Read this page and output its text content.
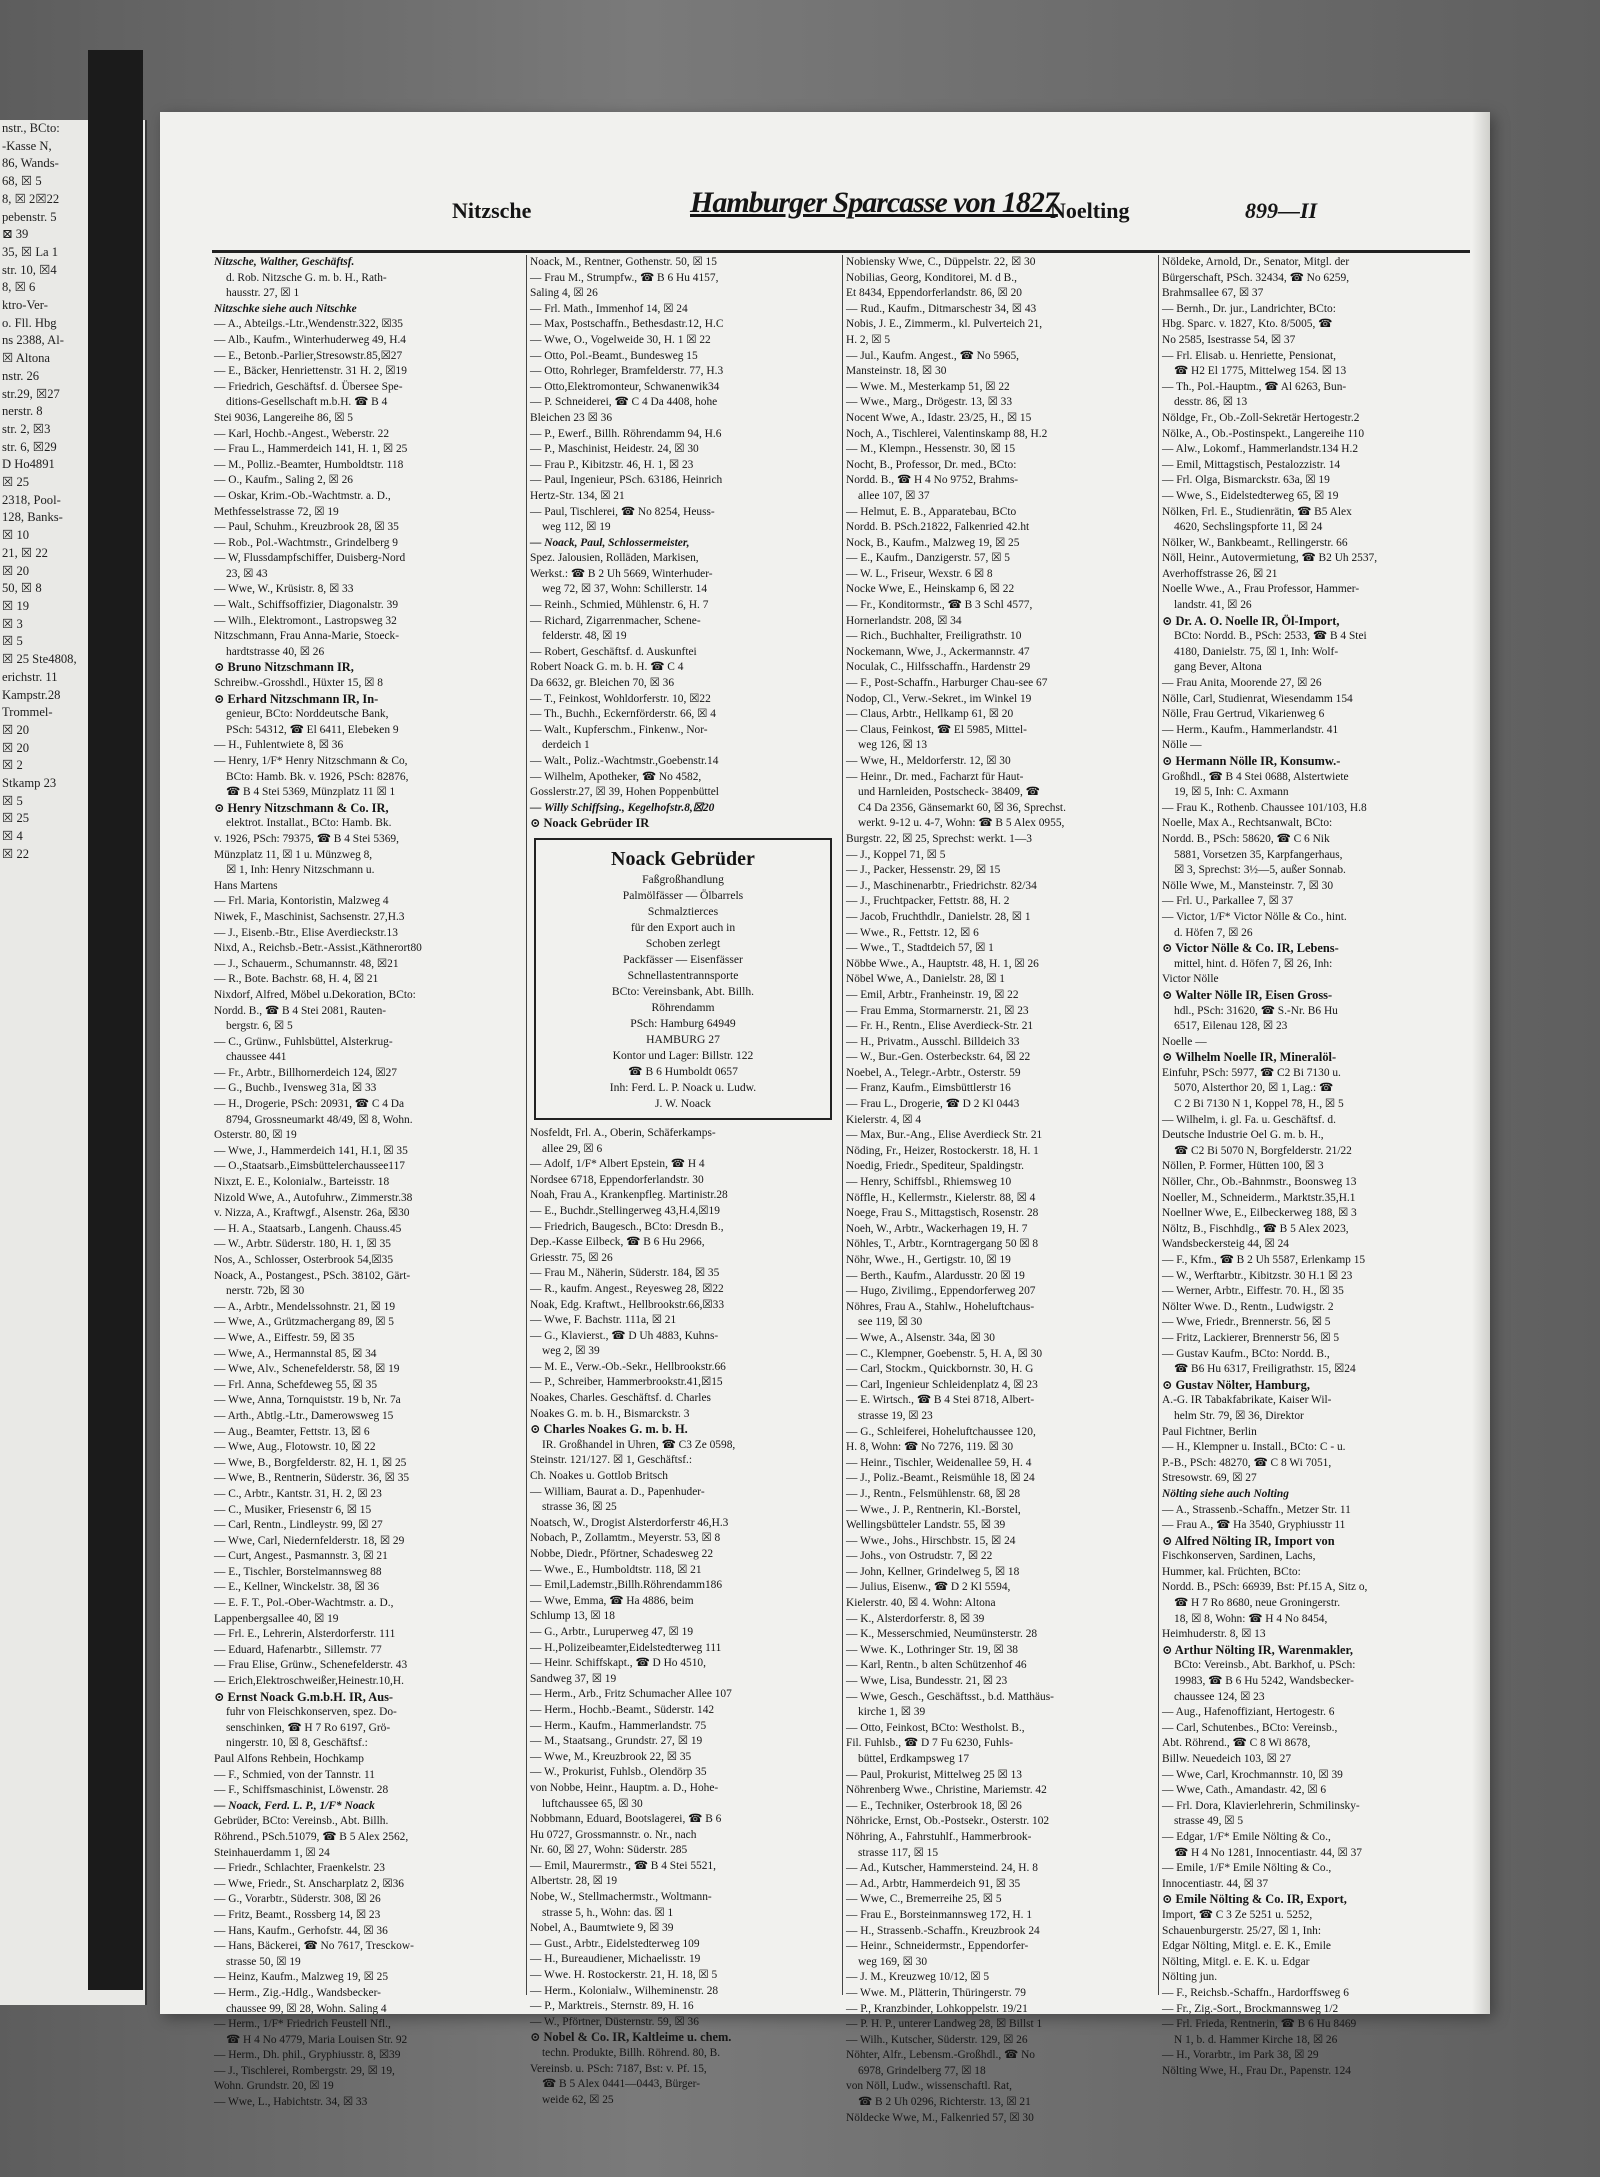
nstr., BCto:
-Kasse N,
86, Wands-
68, ☒ 5
8, ☒ 2☒22
pebenstr. 5
⊠ 39
35, ☒ La 1
str. 10, ☒4
8, ☒ 6
ktro-Ver-
o. Fll. Hbg
ns 2388, Al-
☒ Altona
nstr. 26
str.29, ☒27
nerstr. 8
str. 2, ☒3
str. 6, ☒29
D Ho4891
☒ 25
2318, Pool-
128, Banks-
☒ 10
21, ☒ 22
☒ 20
50, ☒ 8
☒ 19
☒ 3
☒ 5
☒ 25 Ste4808,
erichstr. 11
Kampstr.28
Trommel-
☒ 20
☒ 20
☒ 2
Stkamp 23
☒ 5
☒ 25
☒ 4
☒ 22
Nitzsche	Hamburger Sparcasse von 1827
Noelting	899—II
Nitzsche, Walther, Geschäftsf.
d. Rob. Nitzsche G. m. b. H., Rath-
hausstr. 27, ☒ 1
Nitzschke siehe auch Nitschke
— A., Abteilgs.-Ltr.,Wendenstr.322, ☒35
— Alb., Kaufm., Winterhuderweg 49, H.4
— E., Betonb.-Parlier,Stresowstr.85,☒27
— E., Bäcker, Henriettenstr. 31 H. 2, ☒19
— Friedrich, Geschäftsf. d. Übersee Spe-
ditions-Gesellschaft m.b.H. ☎ B 4
Stei 9036, Langereihe 86, ☒ 5
— Karl, Hochb.-Angest., Weberstr. 22
— Frau L., Hammerdeich 141, H. 1, ☒ 25
— M., Polliz.-Beamter, Humboldtstr. 118
— O., Kaufm., Saling 2, ☒ 26
— Oskar, Krim.-Ob.-Wachtmstr. a. D.,
Methfesselstrasse 72, ☒ 19
— Paul, Schuhm., Kreuzbrook 28, ☒ 35
— Rob., Pol.-Wachtmstr., Grindelberg 9
— W, Flussdampfschiffer, Duisberg-Nord
23, ☒ 43
— Wwe, W., Krüsistr. 8, ☒ 33
— Walt., Schiffsoffizier, Diagonalstr. 39
— Wilh., Elektromont., Lastropsweg 32
Nitzschmann, Frau Anna-Marie, Stoeck-
hardtstrasse 40, ☒ 26
⊙ Bruno Nitzschmann IR,
Schreibw.-Grosshdl., Hüxter 15, ☒ 8
⊙ Erhard Nitzschmann IR, In-
genieur, BCto: Norddeutsche Bank,
PSch: 54312, ☎ El 6411, Elebeken 9
— H., Fuhlentwiete 8, ☒ 36
— Henry, 1/F* Henry Nitzschmann & Co,
BCto: Hamb. Bk. v. 1926, PSch: 82876,
☎ B 4 Stei 5369, Münzplatz 11 ☒ 1
⊙ Henry Nitzschmann & Co. IR,
elektrot. Installat., BCto: Hamb. Bk.
v. 1926, PSch: 79375, ☎ B 4 Stei 5369,
Münzplatz 11, ☒ 1 u. Münzweg 8,
☒ 1, Inh: Henry Nitzschmann u.
Hans Martens
— Frl. Maria, Kontoristin, Malzweg 4
Niwek, F., Maschinist, Sachsenstr. 27,H.3
— J., Eisenb.-Btr., Elise Averdieckstr.13
Nixd, A., Reichsb.-Betr.-Assist.,Käthnerort80
— J., Schauerm., Schumannstr. 48, ☒21
— R., Bote. Bachstr. 68, H. 4, ☒ 21
Nixdorf, Alfred, Möbel u.Dekoration, BCto:
Nordd. B., ☎ B 4 Stei 2081, Rauten-
bergstr. 6, ☒ 5
— C., Grünw., Fuhlsbüttel, Alsterkrug-
chaussee 441
— Fr., Arbtr., Billhornerdeich 124, ☒27
— G., Buchb., Ivensweg 31a, ☒ 33
— H., Drogerie, PSch: 20931, ☎ C 4 Da
8794, Grossneumarkt 48/49, ☒ 8, Wohn.
Osterstr. 80, ☒ 19
— Wwe, J., Hammerdeich 141, H.1, ☒ 35
— O.,Staatsarb.,Eimsbüttelerchaussee117
Nixzt, E. E., Kolonialw., Barteisstr. 18
Nizold Wwe, A., Autofuhrw., Zimmerstr.38
v. Nizza, A., Kraftwgf., Alsenstr. 26a, ☒30
— H. A., Staatsarb., Langenh. Chauss.45
— W., Arbtr. Süderstr. 180, H. 1, ☒ 35
Nos, A., Schlosser, Osterbrook 54,☒35
Noack, A., Postangest., PSch. 38102, Gärt-
nerstr. 72b, ☒ 30
— A., Arbtr., Mendelssohnstr. 21, ☒ 19
— Wwe, A., Grützmachergang 89, ☒ 5
— Wwe, A., Eiffestr. 59, ☒ 35
— Wwe, A., Hermannstal 85, ☒ 34
— Wwe, Alv., Schenefelderstr. 58, ☒ 19
— Frl. Anna, Schefdeweg 55, ☒ 35
— Wwe, Anna, Tornquiststr. 19 b, Nr. 7a
— Arth., Abtlg.-Ltr., Damerowsweg 15
— Aug., Beamter, Fettstr. 13, ☒ 6
— Wwe, Aug., Flotowstr. 10, ☒ 22
— Wwe, B., Borgfelderstr. 82, H. 1, ☒ 25
— Wwe, B., Rentnerin, Süderstr. 36, ☒ 35
— C., Arbtr., Kantstr. 31, H. 2, ☒ 23
— C., Musiker, Friesenstr 6, ☒ 15
— Carl, Rentn., Lindleystr. 99, ☒ 27
— Wwe, Carl, Niedernfelderstr. 18, ☒ 29
— Curt, Angest., Pasmannstr. 3, ☒ 21
— E., Tischler, Borstelmannsweg 88
— E., Kellner, Winckelstr. 38, ☒ 36
— E. F. T., Pol.-Ober-Wachtmstr. a. D.,
Lappenbergsallee 40, ☒ 19
— Frl. E., Lehrerin, Alsterdorferstr. 111
— Eduard, Hafenarbtr., Sillemstr. 77
— Frau Elise, Grünw., Schenefelderstr. 43
— Erich,Elektroschweißer,Heinestr.10,H.
⊙ Ernst Noack G.m.b.H. IR, Aus-
fuhr von Fleischkonserven, spez. Do-
senschinken, ☎ H 7 Ro 6197, Grö-
ningerstr. 10, ☒ 8, Geschäftsf.:
Paul Alfons Rehbein, Hochkamp
— F., Schmied, von der Tannstr. 11
— F., Schiffsmaschinist, Löwenstr. 28
— Noack, Ferd. L. P., 1/F* Noack
Gebrüder, BCto: Vereinsb., Abt. Billh.
Röhrend., PSch.51079, ☎ B 5 Alex 2562,
Steinhauerdamm 1, ☒ 24
— Friedr., Schlachter, Fraenkelstr. 23
— Wwe, Friedr., St. Anscharplatz 2, ☒36
— G., Vorarbtr., Süderstr. 308, ☒ 26
— Fritz, Beamt., Rossberg 14, ☒ 23
— Hans, Kaufm., Gerhofstr. 44, ☒ 36
— Hans, Bäckerei, ☎ No 7617, Tresckow-
strasse 50, ☒ 19
— Heinz, Kaufm., Malzweg 19, ☒ 25
— Herm., Zig.-Hdlg., Wandsbecker-
chaussee 99, ☒ 28, Wohn. Saling 4
— Herm., 1/F* Friedrich Feustell Nfl.,
☎ H 4 No 4779, Maria Louisen Str. 92
— Herm., Dh. phil., Gryphiusstr. 8, ☒39
— J., Tischlerei, Rombergstr. 29, ☒ 19,
Wohn. Grundstr. 20, ☒ 19
— Wwe, L., Habichtstr. 34, ☒ 33
Noack, M., Rentner, Gothenstr. 50, ☒ 15
— Frau M., Strumpfw., ☎ B 6 Hu 4157,
Saling 4, ☒ 26
— Frl. Math., Immenhof 14, ☒ 24
— Max, Postschaffn., Bethesdastr.12, H.C
— Wwe, O., Vogelweide 30, H. 1 ☒ 22
— Otto, Pol.-Beamt., Bundesweg 15
— Otto, Rohrleger, Bramfelderstr. 77, H.3
— Otto,Elektromonteur, Schwanenwik34
— P. Schneiderei, ☎ C 4 Da 4408, hohe
Bleichen 23 ☒ 36
— P., Ewerf., Billh. Röhrendamm 94, H.6
— P., Maschinist, Heidestr. 24, ☒ 30
— Frau P., Kibitzstr. 46, H. 1, ☒ 23
— Paul, Ingenieur, PSch. 63186, Heinrich
Hertz-Str. 134, ☒ 21
— Paul, Tischlerei, ☎ No 8254, Heuss-
weg 112, ☒ 19
— Noack, Paul, Schlossermeister,
Spez. Jalousien, Rolläden, Markisen,
Werkst.: ☎ B 2 Uh 5669, Winterhuder-
weg 72, ☒ 37, Wohn: Schillerstr. 14
— Reinh., Schmied, Mühlenstr. 6, H. 7
— Richard, Zigarrenmacher, Schene-
felderstr. 48, ☒ 19
— Robert, Geschäftsf. d. Auskunftei
Robert Noack G. m. b. H. ☎ C 4
Da 6632, gr. Bleichen 70, ☒ 36
— T., Feinkost, Wohldorferstr. 10, ☒22
— Th., Buchh., Eckernförderstr. 66, ☒ 4
— Walt., Kupferschm., Finkenw., Nor-
derdeich 1
— Walt., Poliz.-Wachtmstr.,Goebenstr.14
— Wilhelm, Apotheker, ☎ No 4582,
Gosslerstr.27, ☒ 39, Hohen Poppenbüttel
— Willy Schiffsing., Kegelhofstr.8,☒20
⊙ Noack Gebrüder IR
Noack Gebrüder
Faßgroßhandlung
Palmölfässer — Ölbarrels
Schmalztierces
für den Export auch in
Schoben zerlegt
Packfässer — Eisenfässer
Schnellastentrannsporte
BCto: Vereinsbank, Abt. Billh.
Röhrendamm
PSch: Hamburg 64949
HAMBURG 27
Kontor und Lager: Billstr. 122
☎ B 6 Humboldt 0657
Inh: Ferd. L. P. Noack u. Ludw.
J. W. Noack
Nosfeldt, Frl. A., Oberin, Schäferkamps-
allee 29, ☒ 6
— Adolf, 1/F* Albert Epstein, ☎ H 4
Nordsee 6718, Eppendorferlandstr. 30
Noah, Frau A., Krankenpfleg. Martinistr.28
— E., Buchdr.,Stellingerweg 43,H.4,☒19
— Friedrich, Baugesch., BCto: Dresdn B.,
Dep.-Kasse Eilbeck, ☎ B 6 Hu 2966,
Griesstr. 75, ☒ 26
— Frau M., Näherin, Süderstr. 184, ☒ 35
— R., kaufm. Angest., Reyesweg 28, ☒22
Noak, Edg. Kraftwt., Hellbrookstr.66,☒33
— Wwe, F. Bachstr. 111a, ☒ 21
— G., Klavierst., ☎ D Uh 4883, Kuhns-
weg 2, ☒ 39
— M. E., Verw.-Ob.-Sekr., Hellbrookstr.66
— P., Schreiber, Hammerbrookstr.41,☒15
Noakes, Charles. Geschäftsf. d. Charles
Noakes G. m. b. H., Bismarckstr. 3
⊙ Charles Noakes G. m. b. H.
IR. Großhandel in Uhren, ☎ C3 Ze 0598,
Steinstr. 121/127. ☒ 1, Geschäftsf.:
Ch. Noakes u. Gottlob Britsch
— William, Baurat a. D., Papenhuder-
strasse 36, ☒ 25
Noatsch, W., Drogist Alsterdorferstr 46,H.3
Nobach, P., Zollamtm., Meyerstr. 53, ☒ 8
Nobbe, Diedr., Pförtner, Schadesweg 22
— Wwe., E., Humboldtstr. 118, ☒ 21
— Emil,Lademstr.,Billh.Röhrendamm186
— Wwe, Emma, ☎ Ha 4886, beim
Schlump 13, ☒ 18
— G., Arbtr., Luruperweg 47, ☒ 19
— H.,Polizeibeamter,Eidelstedterweg 111
— Heinr. Schiffskapt., ☎ D Ho 4510,
Sandweg 37, ☒ 19
— Herm., Arb., Fritz Schumacher Allee 107
— Herm., Hochb.-Beamt., Süderstr. 142
— Herm., Kaufm., Hammerlandstr. 75
— M., Staatsang., Grundstr. 27, ☒ 19
— Wwe, M., Kreuzbrook 22, ☒ 35
— W., Prokurist, Fuhlsb., Olendörp 35
von Nobbe, Heinr., Hauptm. a. D., Hohe-
luftchaussee 65, ☒ 30
Nobbmann, Eduard, Bootslagerei, ☎ B 6
Hu 0727, Grossmannstr. o. Nr., nach
Nr. 60, ☒ 27, Wohn: Süderstr. 285
— Emil, Maurermstr., ☎ B 4 Stei 5521,
Albertstr. 28, ☒ 19
Nobe, W., Stellmachermstr., Woltmann-
strasse 5, h., Wohn: das. ☒ 1
Nobel, A., Baumtwiete 9, ☒ 39
— Gust., Arbtr., Eidelstedterweg 109
— H., Bureaudiener, Michaelisstr. 19
— Wwe. H. Rostockerstr. 21, H. 18, ☒ 5
— Herm., Kolonialw., Wilheminenstr. 28
— P., Marktreis., Sternstr. 89, H. 16
— W., Pförtner, Düsternstr. 59, ☒ 36
⊙ Nobel & Co. IR, Kaltleime u. chem.
techn. Produkte, Billh. Röhrend. 80, B.
Vereinsb. u. PSch: 7187, Bst: v. Pf. 15,
☎ B 5 Alex 0441—0443, Bürger-
weide 62, ☒ 25
Nobiensky Wwe, C., Düppelstr. 22, ☒ 30
Nobilias, Georg, Konditorei, M. d B.,
Et 8434, Eppendorferlandstr. 86, ☒ 20
— Rud., Kaufm., Ditmarschestr 34, ☒ 43
Nobis, J. E., Zimmerm., kl. Pulverteich 21,
H. 2, ☒ 5
— Jul., Kaufm. Angest., ☎ No 5965,
Mansteinstr. 18, ☒ 30
— Wwe. M., Mesterkamp 51, ☒ 22
— Wwe., Marg., Drögestr. 13, ☒ 33
Nocent Wwe, A., Idastr. 23/25, H., ☒ 15
Noch, A., Tischlerei, Valentinskamp 88, H.2
— M., Klempn., Hessenstr. 30, ☒ 15
Nocht, B., Professor, Dr. med., BCto:
Nordd. B., ☎ H 4 No 9752, Brahms-
allee 107, ☒ 37
— Helmut, E. B., Apparatebau, BCto
Nordd. B. PSch.21822, Falkenried 42.ht
Nock, B., Kaufm., Malzweg 19, ☒ 25
— E., Kaufm., Danzigerstr. 57, ☒ 5
— W. L., Friseur, Wexstr. 6 ☒ 8
Nocke Wwe, E., Heinskamp 6, ☒ 22
— Fr., Konditormstr., ☎ B 3 Schl 4577,
Hornerlandstr. 208, ☒ 34
— Rich., Buchhalter, Freiligrathstr. 10
Nockemann, Wwe, J., Ackermannstr. 47
Noculak, C., Hilfsschaffn., Hardenstr 29
— F., Post-Schaffn., Harburger Chau-see 67
Nodop, Cl., Verw.-Sekret., im Winkel 19
— Claus, Arbtr., Hellkamp 61, ☒ 20
— Claus, Feinkost, ☎ El 5985, Mittel-
weg 126, ☒ 13
— Wwe, H., Meldorferstr. 12, ☒ 30
— Heinr., Dr. med., Facharzt für Haut-
und Harnleiden, Postscheck- 38409, ☎
C4 Da 2356, Gänsemarkt 60, ☒ 36, Sprechst.
werkt. 9-12 u. 4-7, Wohn: ☎ B 5 Alex 0955,
Burgstr. 22, ☒ 25, Sprechst: werkt. 1—3
— J., Koppel 71, ☒ 5
— J., Packer, Hessenstr. 29, ☒ 15
— J., Maschinenarbtr., Friedrichstr. 82/34
— J., Fruchtpacker, Fettstr. 88, H. 2
— Jacob, Fruchthdlr., Danielstr. 28, ☒ 1
— Wwe., R., Fettstr. 12, ☒ 6
— Wwe., T., Stadtdeich 57, ☒ 1
Nöbbe Wwe., A., Hauptstr. 48, H. 1, ☒ 26
Nöbel Wwe, A., Danielstr. 28, ☒ 1
— Emil, Arbtr., Franheinstr. 19, ☒ 22
— Frau Emma, Stormarnerstr. 21, ☒ 23
— Fr. H., Rentn., Elise Averdieck-Str. 21
— H., Privatm., Ausschl. Billdeich 33
— W., Bur.-Gen. Osterbeckstr. 64, ☒ 22
Noebel, A., Telegr.-Arbtr., Osterstr. 59
— Franz, Kaufm., Eimsbüttlerstr 16
— Frau L., Drogerie, ☎ D 2 Kl 0443
Kielerstr. 4, ☒ 4
— Max, Bur.-Ang., Elise Averdieck Str. 21
Nöding, Fr., Heizer, Rostockerstr. 18, H. 1
Noedig, Friedr., Spediteur, Spaldingstr.
— Henry, Schiffsbl., Rhiemsweg 10
Nöffle, H., Kellermstr., Kielerstr. 88, ☒ 4
Noege, Frau S., Mittagstisch, Rosenstr. 28
Noeh, W., Arbtr., Wackerhagen 19, H. 7
Nöhles, T., Arbtr., Korntragergang 50 ☒ 8
Nöhr, Wwe., H., Gertigstr. 10, ☒ 19
— Berth., Kaufm., Alardusstr. 20 ☒ 19
— Hugo, Zivilimg., Eppendorferweg 207
Nöhres, Frau A., Stahlw., Hoheluftchaus-
see 119, ☒ 30
— Wwe, A., Alsenstr. 34a, ☒ 30
— C., Klempner, Goebenstr. 5, H. A, ☒ 30
— Carl, Stockm., Quickbornstr. 30, H. G
— Carl, Ingenieur Schleidenplatz 4, ☒ 23
— E. Wirtsch., ☎ B 4 Stei 8718, Albert-
strasse 19, ☒ 23
— G., Schleiferei, Hoheluftchaussee 120,
H. 8, Wohn: ☎ No 7276, 119. ☒ 30
— Heinr., Tischler, Weidenallee 59, H. 4
— J., Poliz.-Beamt., Reismühle 18, ☒ 24
— J., Rentn., Felsmühlenstr. 68, ☒ 28
— Wwe., J. P., Rentnerin, Kl.-Borstel,
Wellingsbütteler Landstr. 55, ☒ 39
— Wwe., Johs., Hirschbstr. 15, ☒ 24
— Johs., von Ostrudstr. 7, ☒ 22
— John, Kellner, Grindelweg 5, ☒ 18
— Julius, Eisenw., ☎ D 2 Kl 5594,
Kielerstr. 40, ☒ 4. Wohn: Altona
— K., Alsterdorferstr. 8, ☒ 39
— K., Messerschmied, Neumünsterstr. 28
— Wwe. K., Lothringer Str. 19, ☒ 38
— Karl, Rentn., b alten Schützenhof 46
— Wwe, Lisa, Bundesstr. 21, ☒ 23
— Wwe, Gesch., Geschäftsst., b.d. Matthäus-
kirche 1, ☒ 39
— Otto, Feinkost, BCto: Westholst. B.,
Fil. Fuhlsb., ☎ D 7 Fu 6230, Fuhls-
büttel, Erdkampsweg 17
— Paul, Prokurist, Mittelweg 25 ☒ 13
Nöhrenberg Wwe., Christine, Mariemstr. 42
— E., Techniker, Osterbrook 18, ☒ 26
Nöhricke, Ernst, Ob.-Postsekr., Osterstr. 102
Nöhring, A., Fahrstuhlf., Hammerbrook-
strasse 117, ☒ 15
— Ad., Kutscher, Hammersteind. 24, H. 8
— Ad., Arbtr, Hammerdeich 91, ☒ 35
— Wwe, C., Bremerreihe 25, ☒ 5
— Frau E., Borsteinmannsweg 172, H. 1
— H., Strassenb.-Schaffn., Kreuzbrook 24
— Heinr., Schneidermstr., Eppendorfer-
weg 169, ☒ 30
— J. M., Kreuzweg 10/12, ☒ 5
— Wwe. M., Plätterin, Thüringerstr. 79
— P., Kranzbinder, Lohkoppelstr. 19/21
— P. H. P., unterer Landweg 28, ☒ Billst 1
— Wilh., Kutscher, Süderstr. 129, ☒ 26
Nöhter, Alfr., Lebensm.-Großhdl., ☎ No
6978, Grindelberg 77, ☒ 18
von Nöll, Ludw., wissenschaftl. Rat,
☎ B 2 Uh 0296, Richterstr. 13, ☒ 21
Nöldecke Wwe, M., Falkenried 57, ☒ 30
Nöldeke, Arnold, Dr., Senator, Mitgl. der
Bürgerschaft, PSch. 32434, ☎ No 6259,
Brahmsallee 67, ☒ 37
— Bernh., Dr. jur., Landrichter, BCto:
Hbg. Sparc. v. 1827, Kto. 8/5005, ☎
No 2585, Isestrasse 54, ☒ 37
— Frl. Elisab. u. Henriette, Pensionat,
☎ H2 El 1775, Mittelweg 154. ☒ 13
— Th., Pol.-Hauptm., ☎ Al 6263, Bun-
desstr. 86, ☒ 13
Nöldge, Fr., Ob.-Zoll-Sekretär Hertogestr.2
Nölke, A., Ob.-Postinspekt., Langereihe 110
— Alw., Lokomf., Hammerlandstr.134 H.2
— Emil, Mittagstisch, Pestalozzistr. 14
— Frl. Olga, Bismarckstr. 63a, ☒ 19
— Wwe, S., Eidelstedterweg 65, ☒ 19
Nölken, Frl. E., Studienrätin, ☎ B5 Alex
4620, Sechslingspforte 11, ☒ 24
Nölker, W., Bankbeamt., Rellingerstr. 66
Nöll, Heinr., Autovermietung, ☎ B2 Uh 2537,
Averhoffstrasse 26, ☒ 21
Noelle Wwe., A., Frau Professor, Hammer-
landstr. 41, ☒ 26
⊙ Dr. A. O. Noelle IR, Öl-Import,
BCto: Nordd. B., PSch: 2533, ☎ B 4 Stei
4180, Danielstr. 75, ☒ 1, Inh: Wolf-
gang Bever, Altona
— Frau Anita, Moorende 27, ☒ 26
Nölle, Carl, Studienrat, Wiesendamm 154
Nölle, Frau Gertrud, Vikarienweg 6
— Herm., Kaufm., Hammerlandstr. 41
Nölle —
⊙ Hermann Nölle IR, Konsumw.-
Großhdl., ☎ B 4 Stei 0688, Alstertwiete
19, ☒ 5, Inh: C. Axmann
— Frau K., Rothenb. Chaussee 101/103, H.8
Noelle, Max A., Rechtsanwalt, BCto:
Nordd. B., PSch: 58620, ☎ C 6 Nik
5881, Vorsetzen 35, Karpfangerhaus,
☒ 3, Sprechst: 3½—5, außer Sonnab.
Nölle Wwe, M., Mansteinstr. 7, ☒ 30
— Frl. U., Parkallee 7, ☒ 37
— Victor, 1/F* Victor Nölle & Co., hint.
d. Höfen 7, ☒ 26
⊙ Victor Nölle & Co. IR, Lebens-
mittel, hint. d. Höfen 7, ☒ 26, Inh:
Victor Nölle
⊙ Walter Nölle IR, Eisen Gross-
hdl., PSch: 31620, ☎ S.-Nr. B6 Hu
6517, Eilenau 128, ☒ 23
Noelle —
⊙ Wilhelm Noelle IR, Mineralöl-
Einfuhr, PSch: 5977, ☎ C2 Bi 7130 u.
5070, Alsterthor 20, ☒ 1, Lag.: ☎
C 2 Bi 7130 N 1, Koppel 78, H., ☒ 5
— Wilhelm, i. gl. Fa. u. Geschäftsf. d.
Deutsche Industrie Oel G. m. b. H.,
☎ C2 Bi 5070 N, Borgfelderstr. 21/22
Nöllen, P. Former, Hütten 100, ☒ 3
Nöller, Chr., Ob.-Bahnmstr., Boonsweg 13
Noeller, M., Schneiderm., Marktstr.35,H.1
Noellner Wwe, E., Eilbeckerweg 188, ☒ 3
Nöltz, B., Fischhdlg., ☎ B 5 Alex 2023,
Wandsbeckersteig 44, ☒ 24
— F., Kfm., ☎ B 2 Uh 5587, Erlenkamp 15
— W., Werftarbtr., Kibitzstr. 30 H.1 ☒ 23
— Werner, Arbtr., Eiffestr. 70. H., ☒ 35
Nölter Wwe. D., Rentn., Ludwigstr. 2
— Wwe, Friedr., Brennerstr. 56, ☒ 5
— Fritz, Lackierer, Brennerstr 56, ☒ 5
— Gustav Kaufm., BCto: Nordd. B.,
☎ B6 Hu 6317, Freiligrathstr. 15, ☒24
⊙ Gustav Nölter, Hamburg,
A.-G. IR Tabakfabrikate, Kaiser Wil-
helm Str. 79, ☒ 36, Direktor
Paul Fichtner, Berlin
— H., Klempner u. Install., BCto: C - u.
P.-B., PSch: 48270, ☎ C 8 Wi 7051,
Stresowstr. 69, ☒ 27
Nölting siehe auch Nolting
— A., Strassenb.-Schaffn., Metzer Str. 11
— Frau A., ☎ Ha 3540, Gryphiusstr 11
⊙ Alfred Nölting IR, Import von
Fischkonserven, Sardinen, Lachs,
Hummer, kal. Früchten, BCto:
Nordd. B., PSch: 66939, Bst: Pf.15 A, Sitz o,
☎ H 7 Ro 8680, neue Groningerstr.
18, ☒ 8, Wohn: ☎ H 4 No 8454,
Heimhuderstr. 8, ☒ 13
⊙ Arthur Nölting IR, Warenmakler,
BCto: Vereinsb., Abt. Barkhof, u. PSch:
19983, ☎ B 6 Hu 5242, Wandsbecker-
chaussee 124, ☒ 23
— Aug., Hafenoffiziant, Hertogestr. 6
— Carl, Schutenbes., BCto: Vereinsb.,
Abt. Röhrend., ☎ C 8 Wi 8678,
Billw. Neuedeich 103, ☒ 27
— Wwe, Carl, Krochmannstr. 10, ☒ 39
— Wwe, Cath., Amandastr. 42, ☒ 6
— Frl. Dora, Klavierlehrerin, Schmilinsky-
strasse 49, ☒ 5
— Edgar, 1/F* Emile Nölting & Co.,
☎ H 4 No 1281, Innocentiastr. 44, ☒ 37
— Emile, 1/F* Emile Nölting & Co.,
Innocentiastr. 44, ☒ 37
⊙ Emile Nölting & Co. IR, Export,
Import, ☎ C 3 Ze 5251 u. 5252,
Schauenburgerstr. 25/27, ☒ 1, Inh:
Edgar Nölting, Mitgl. e. E. K., Emile
Nölting, Mitgl. e. E. K. u. Edgar
Nölting jun.
— F., Reichsb.-Schaffn., Hardorffsweg 6
— Fr., Zig.-Sort., Brockmannsweg 1/2
— Frl. Frieda, Rentnerin, ☎ B 6 Hu 8469
N 1, b. d. Hammer Kirche 18, ☒ 26
— H., Vorarbtr., im Park 38, ☒ 29
Nölting Wwe, H., Frau Dr., Papenstr. 124
